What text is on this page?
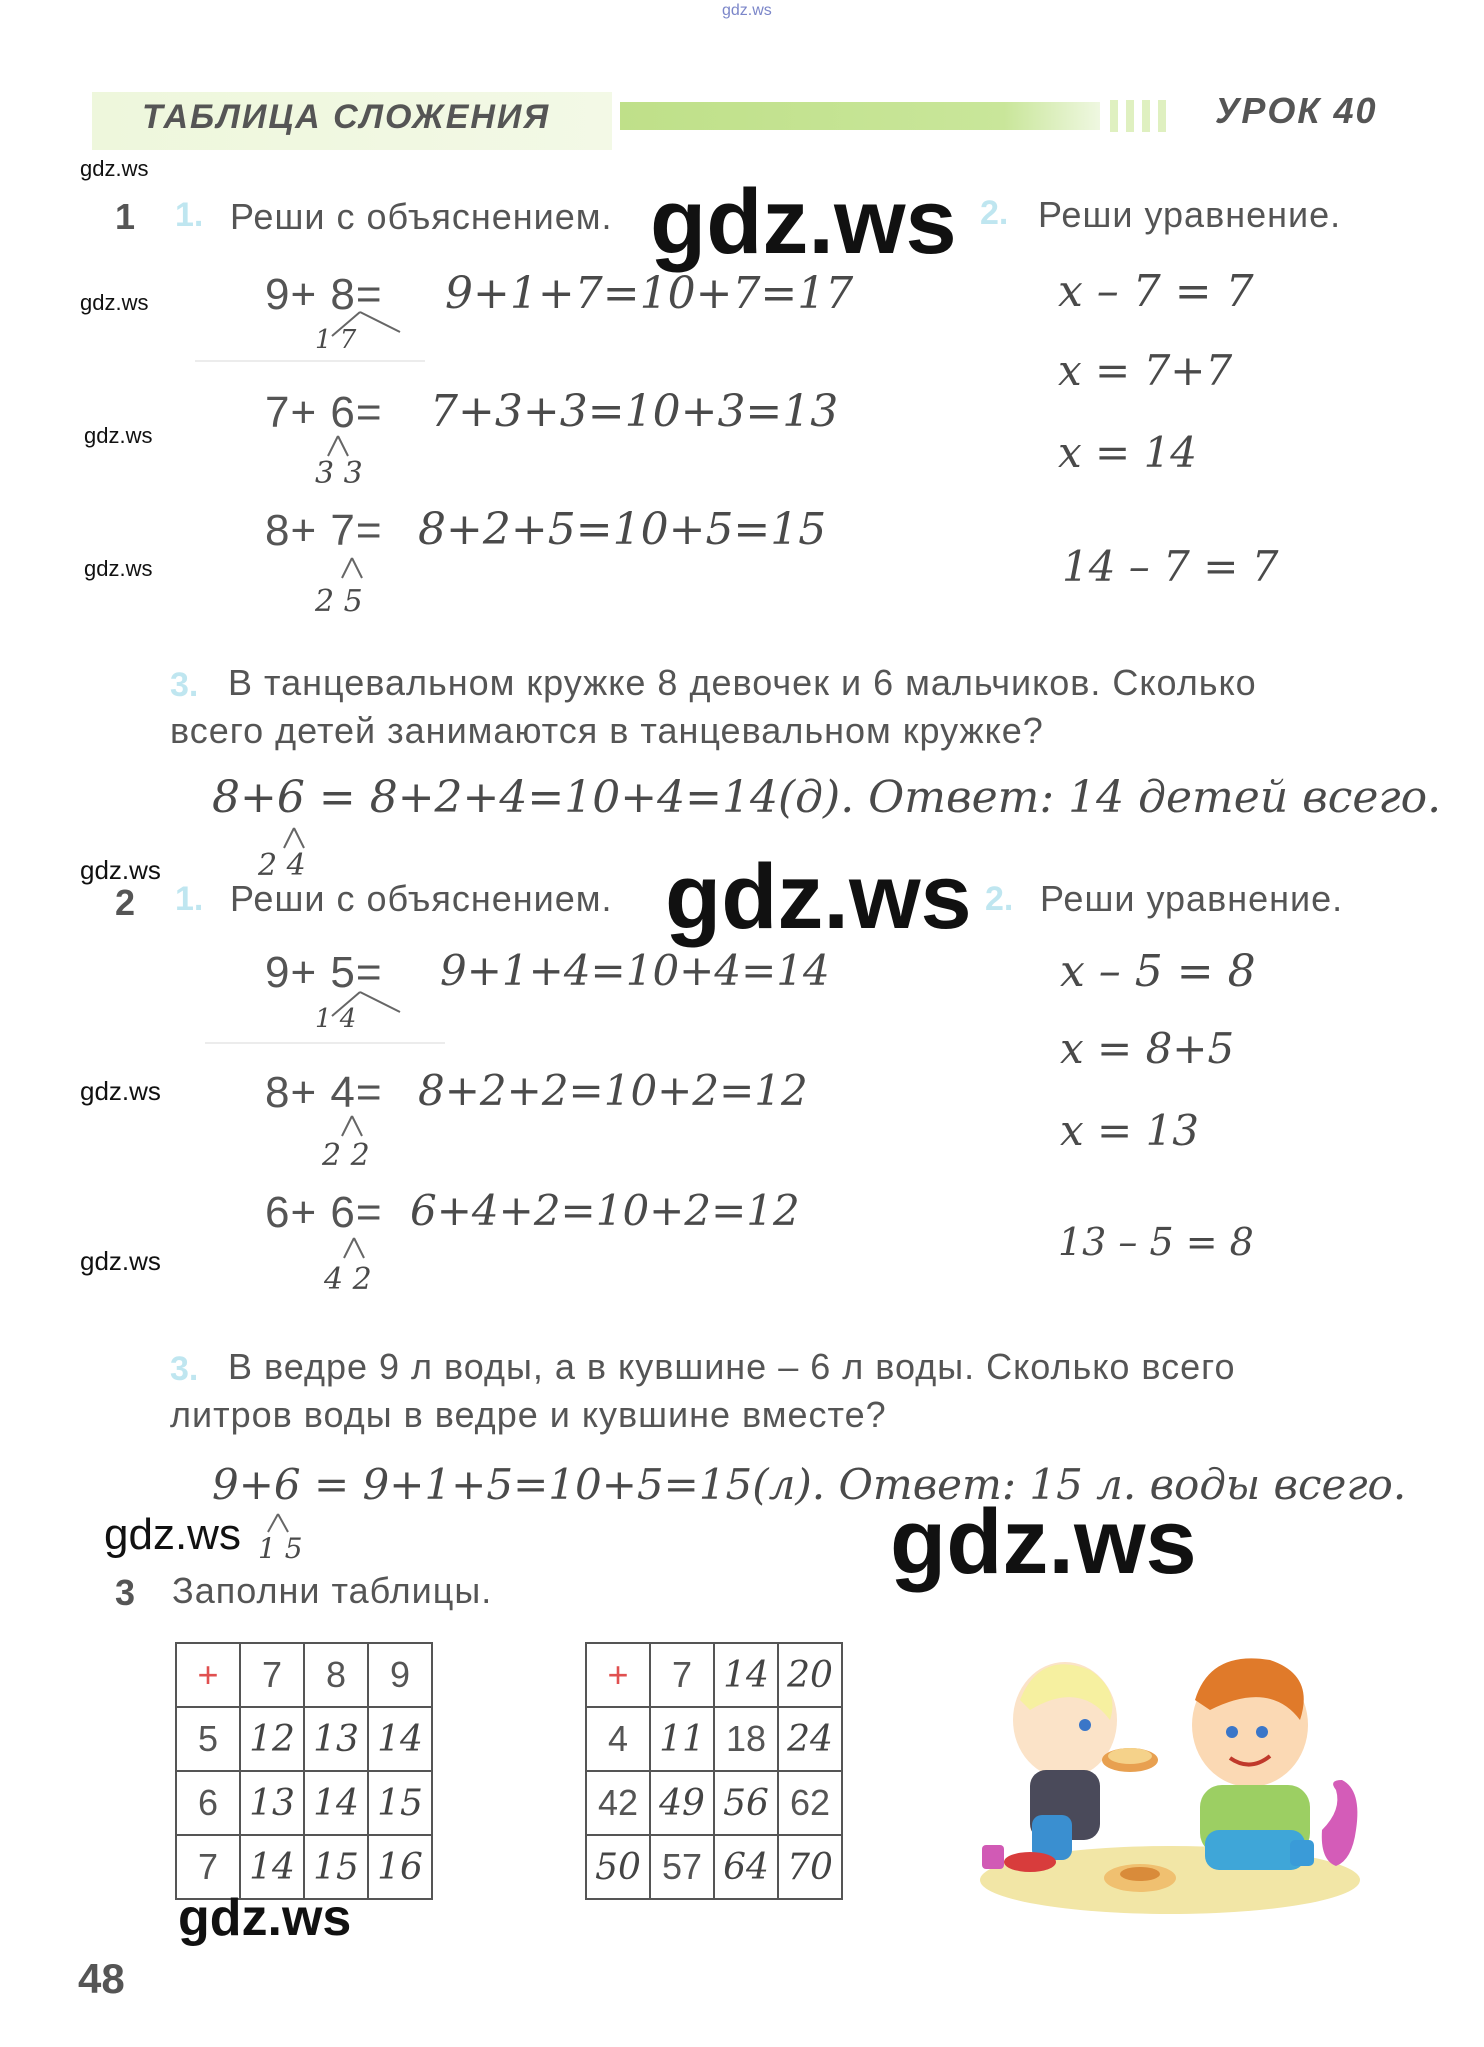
gdz.ws
ТАБЛИЦА СЛОЖЕНИЯ	УРОК 40
gdz.ws
1 1. Реши с объяснением.	2. Реши уравнение.
gdz.ws
gdz.ws
gdz.ws
gdz.ws
9+ 8= 9+1+7=10+7=17
1 7
7+ 6= 7+3+3=10+3=13
3 3
8+ 7= 8+2+5=10+5=15
2 5
x – 7 = 7
x = 7+7
x = 14
14 – 7 = 7
3. В танцевальном кружке 8 девочек и 6 мальчиков. Сколько
всего детей занимаются в танцевальном кружке?
8+6 = 8+2+4=10+4=14(д). Ответ: 14 детей всего.
2 4
gdz.ws
2 1. Реши с объяснением.	2. Реши уравнение.
gdz.ws
gdz.ws
gdz.ws
9+ 5= 9+1+4=10+4=14
1 4
8+ 4= 8+2+2=10+2=12
2 2
6+ 6= 6+4+2=10+2=12
4 2
x – 5 = 8
x = 8+5
x = 13
13 – 5 = 8
3. В ведре 9 л воды, а в кувшине – 6 л воды. Сколько всего
литров воды в ведре и кувшине вместе?
9+6 = 9+1+5=10+5=15(л). Ответ: 15 л. воды всего.
1 5
gdz.ws	gdz.ws
3 Заполни таблицы.
+	7	8	9
5	12	13	14
6	13	14	15
7	14	15	16
+	7	14	20
4	11	18	24
42	49	56	62
50	57	64	70
gdz.ws
48
